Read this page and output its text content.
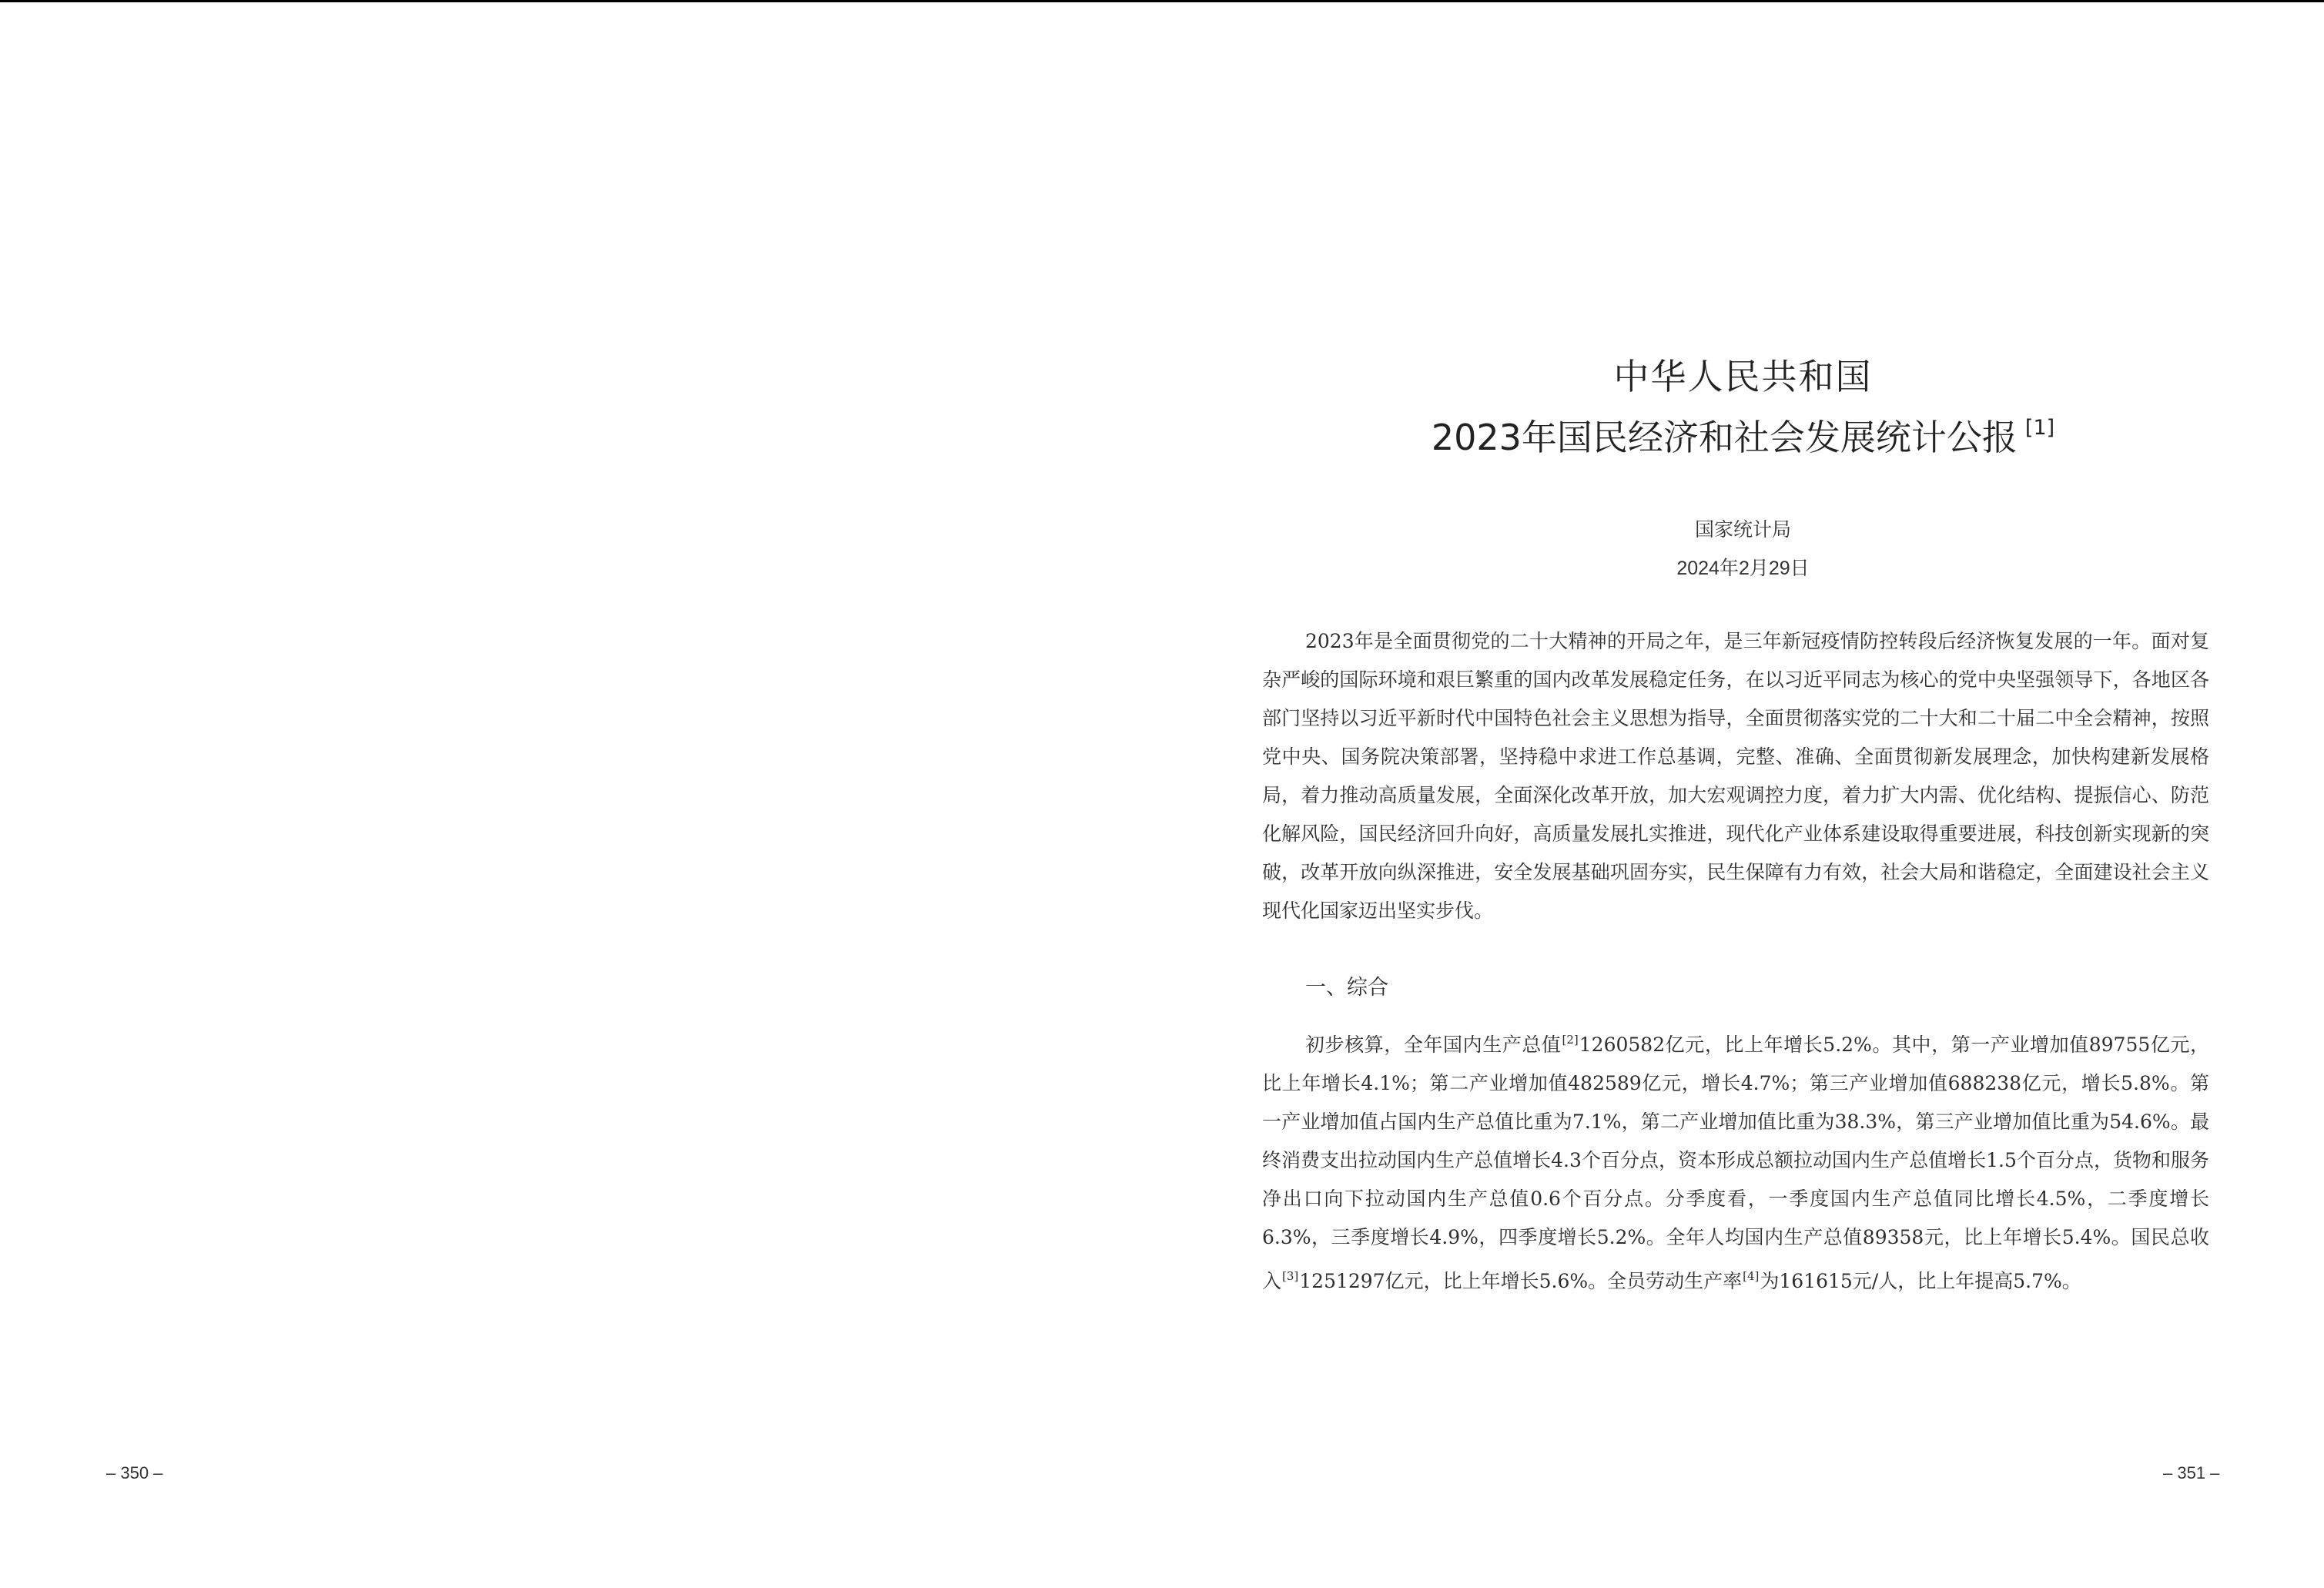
– 350 –
中华人民共和国
2023年国民经济和社会发展统计公报 [1]
国家统计局
2024年2月29日

2023年是全面贯彻党的二十大精神的开局之年，是三年新冠疫情防控转段后经济恢复发展的一年。面对复杂严峻的国际环境和艰巨繁重的国内改革发展稳定任务，在以习近平同志为核心的党中央坚强领导下，各地区各部门坚持以习近平新时代中国特色社会主义思想为指导，全面贯彻落实党的二十大和二十届二中全会精神，按照党中央、国务院决策部署，坚持稳中求进工作总基调，完整、准确、全面贯彻新发展理念，加快构建新发展格局，着力推动高质量发展，全面深化改革开放，加大宏观调控力度，着力扩大内需、优化结构、提振信心、防范化解风险，国民经济回升向好，高质量发展扎实推进，现代化产业体系建设取得重要进展，科技创新实现新的突破，改革开放向纵深推进，安全发展基础巩固夯实，民生保障有力有效，社会大局和谐稳定，全面建设社会主义现代化国家迈出坚实步伐。

一、综合

初步核算，全年国内生产总值[2]1260582亿元，比上年增长5.2%。其中，第一产业增加值89755亿元，比上年增长4.1%；第二产业增加值482589亿元，增长4.7%；第三产业增加值688238亿元，增长5.8%。第一产业增加值占国内生产总值比重为7.1%，第二产业增加值比重为38.3%，第三产业增加值比重为54.6%。最终消费支出拉动国内生产总值增长4.3个百分点，资本形成总额拉动国内生产总值增长1.5个百分点，货物和服务净出口向下拉动国内生产总值0.6个百分点。分季度看，一季度国内生产总值同比增长4.5%，二季度增长6.3%，三季度增长4.9%，四季度增长5.2%。全年人均国内生产总值89358元，比上年增长5.4%。国民总收入[3]1251297亿元，比上年增长5.6%。全员劳动生产率[4]为161615元/人，比上年提高5.7%。

– 351 –
